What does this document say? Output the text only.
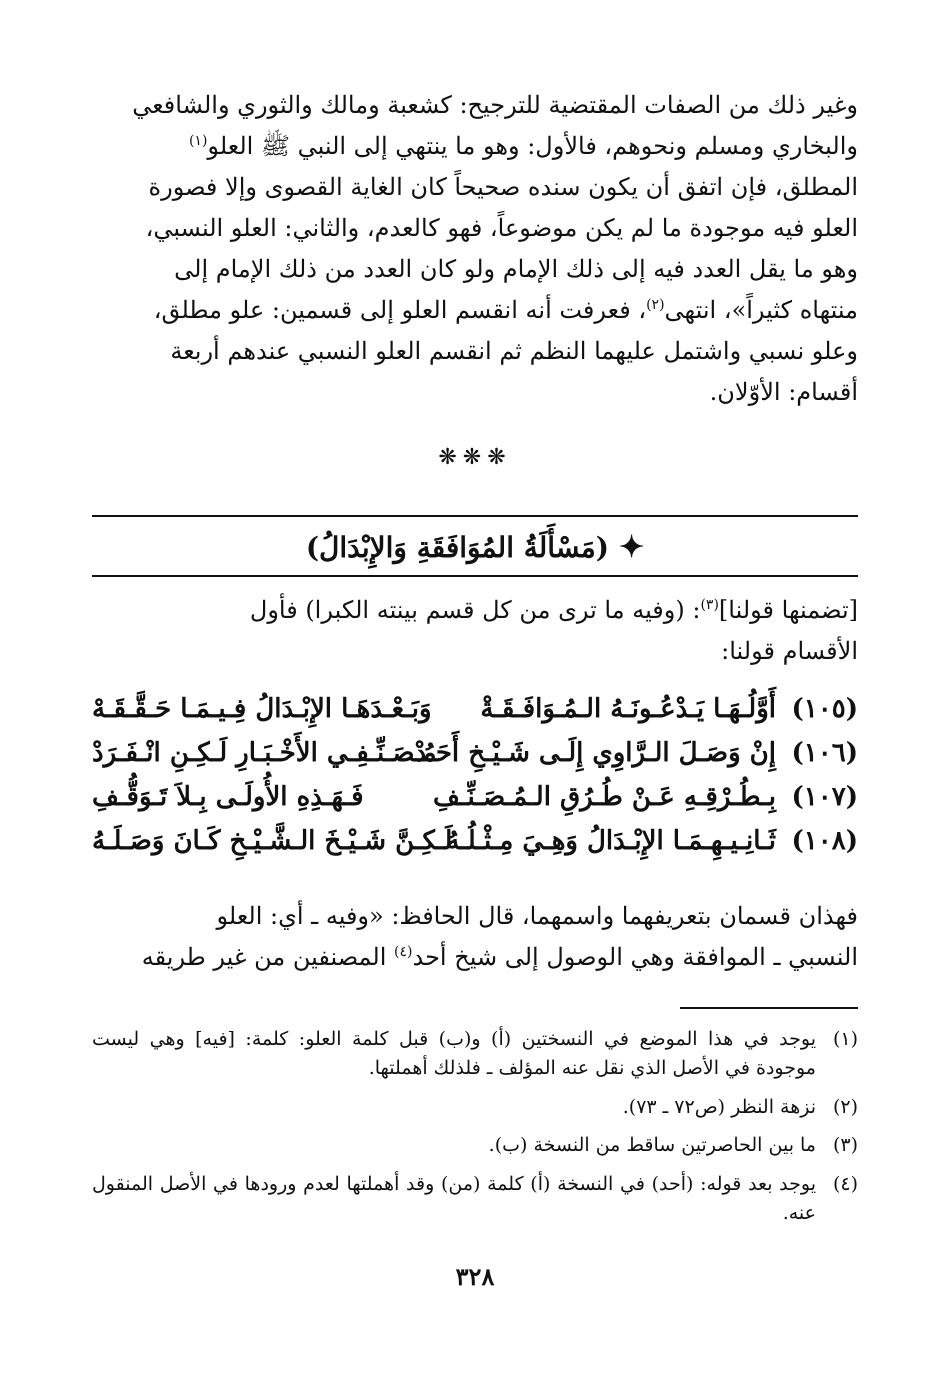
وغير ذلك من الصفات المقتضية للترجيح: كشعبة ومالك والثوري والشافعي

والبخاري ومسلم ونحوهم، فالأول: وهو ما ينتهي إلى النبي ﷺ العلو$^{(١)}$

المطلق، فإن اتفق أن يكون سنده صحيحاً كان الغاية القصوى وإلا فصورة

العلو فيه موجودة ما لم يكن موضوعاً، فهو كالعدم، والثاني: العلو النسبي،

وهو ما يقل العدد فيه إلى ذلك الإمام ولو كان العدد من ذلك الإمام إلى

منتهاه كثيراً»، انتهى$^{(٢)}$، فعرفت أنه انقسم العلو إلى قسمين: علو مطلق،

وعلو نسبي واشتمل عليهما النظم ثم انقسم العلو النسبي عندهم أربعة

أقسام: الأوّلان.

❋❋❋
✦
(مَسْأَلَةُ المُوَافَقَةِ وَالإِبْدَالُ)

[تضمنها قولنا]$^{(٣)}$: (وفيه ما ترى من كل قسم بينته الكبرا) فأول

الأقسام قولنا:

(١٠٥)
أَوَّلُـهَـا يَـدْعُـونَـهُ الـمُـوَافَـقَـةْ
وَبَـعْـدَهَـا الإِبْـدَالُ فِـيـمَـا حَـقَّـقَـهْ
(١٠٦)
إِنْ وَصَـلَ الـرَّاوِي إِلَـى شَـيْـخِ أَحَـدْ
مُـصَـنِّـفِـي الأَخْـبَـارِ لَـكِـنِ انْـفَـرَدْ
(١٠٧)
بِـطُـرْقِـهِ عَـنْ طُـرُقِ الـمُـصَـنِّـفِ
فَـهَـذِهِ الأُولَـى بِـلاَ تَـوَقُّـفِ
(١٠٨)
ثَـانِـيـهِـمَـا الإِبْـدَالُ وَهِـيَ مِـثْـلُـهُ
لَـكِـنَّ شَـيْـخَ الـشَّـيْـخِ كَـانَ وَصَـلَـهُ

فهذان قسمان بتعريفهما واسمهما، قال الحافظ: «وفيه ـ أي: العلو

النسبي ـ الموافقة وهي الوصول إلى شيخ أحد$^{(٤)}$ المصنفين من غير طريقه

(١)
يوجد في هذا الموضع في النسختين (أ) و(ب) قبل كلمة العلو: كلمة: [فيه] وهي ليست موجودة في الأصل الذي نقل عنه المؤلف ـ فلذلك أهملتها.
(٢)
نزهة النظر (ص٧٢ ـ ٧٣).
(٣)
ما بين الحاصرتين ساقط من النسخة (ب).
(٤)
يوجد بعد قوله: (أحد) في النسخة (أ) كلمة (من) وقد أهملتها لعدم ورودها في الأصل المنقول عنه.
٣٢٨
